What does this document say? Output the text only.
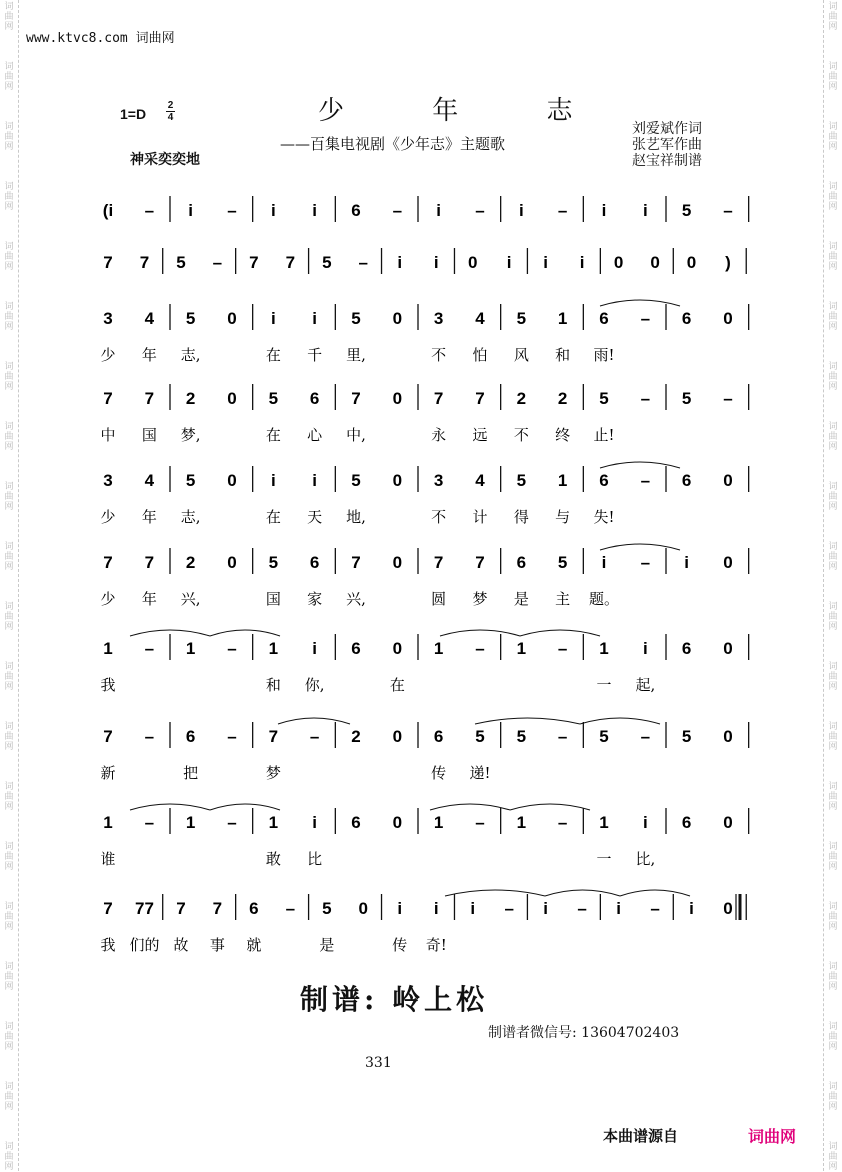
词
曲
网
词
曲
网
词
曲
网
词
曲
网
词
曲
网
词
曲
网
词
曲
网
词
曲
网
词
曲
网
词
曲
网
词
曲
网
词
曲
网
词
曲
网
词
曲
网
词
曲
网
词
曲
网
词
曲
网
词
曲
网
词
曲
网
词
曲
网
词
曲
网
词
曲
网
词
曲
网
词
曲
网
词
曲
网
词
曲
网
词
曲
网
词
曲
网
词
曲
网
词
曲
网
词
曲
网
词
曲
网
词
曲
网
词
曲
网
词
曲
网
词
曲
网
词
曲
网
词
曲
网
词
曲
网
词
曲
网
www.ktvc8.com 词曲网
1=D
2
4	少 年 志
——百集电视剧《少年志》主题歌
神采奕奕地
刘爱斌作词
张艺军作曲
赵宝祥制谱
(i – i – i i 6 – i – i – i i 5 –
7 7 5 – 7 7 5 – i i 0 i i i 0 0 0 )
3 4 5 0 i i 5 0 3 4 5 1 6 – 6 0
少 年 志,	在 千 里,	不 怕 风 和 雨!
7 7 2 0 5 6 7 0 7 7 2 2 5 – 5 –
中 国 梦,	在 心 中,	永 远 不 终 止!
3 4 5 0 i i 5 0 3 4 5 1 6 – 6 0
少 年 志,	在 天 地,	不 计 得 与 失!
7 7 2 0 5 6 7 0 7 7 6 5 i – i 0
少 年 兴,	国 家 兴,	圆 梦 是 主 题。
1 – 1 – 1 i 6 0 1 – 1 – 1 i 6 0
我	和 你,	在	一 起,
7 – 6 – 7 – 2 0 6 5 5 – 5 – 5 0
新	把	梦	传 递!
1 – 1 – 1 i 6 0 1 – 1 – 1 i 6 0
谁	敢 比	一 比,
7 77 7 7 6 – 5 0 i i i – i – i – i 0
我 们的 故 事 就	是	传 奇!
制谱: 岭上松
制谱者微信号: 13604702403
331
本曲谱源自	词曲网
